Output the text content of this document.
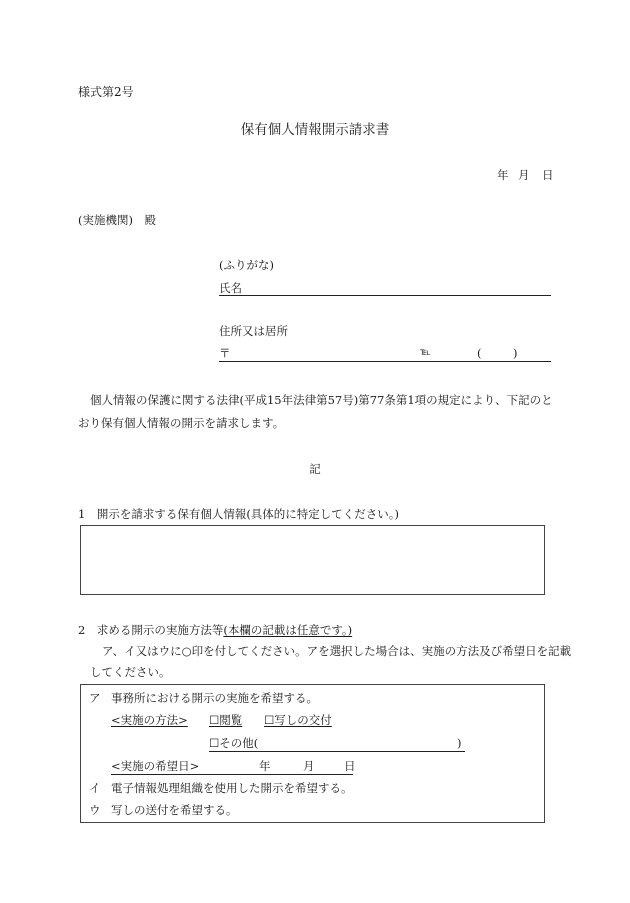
様式第2号
保有個人情報開示請求書
年 月 日
(実施機関)　殿
(ふりがな)
氏名
住所又は居所
〒	℡	(	)
個人情報の保護に関する法律(平成15年法律第57号)第77条第1項の規定により、下記のと
おり保有個人情報の開示を請求します。
記
1　開示を請求する保有個人情報(具体的に特定してください。)
2　求める開示の実施方法等(本欄の記載は任意です。)
ア、イ又はウに○印を付してください。アを選択した場合は、実施の方法及び希望日を記載
してください。
ア 事務所における開示の実施を希望する。
<実施の方法> ☐閲覧 ☐写しの交付
☐その他(	)
<実施の希望日>	年	月	日
イ 電子情報処理組織を使用した開示を希望する。
ウ 写しの送付を希望する。
